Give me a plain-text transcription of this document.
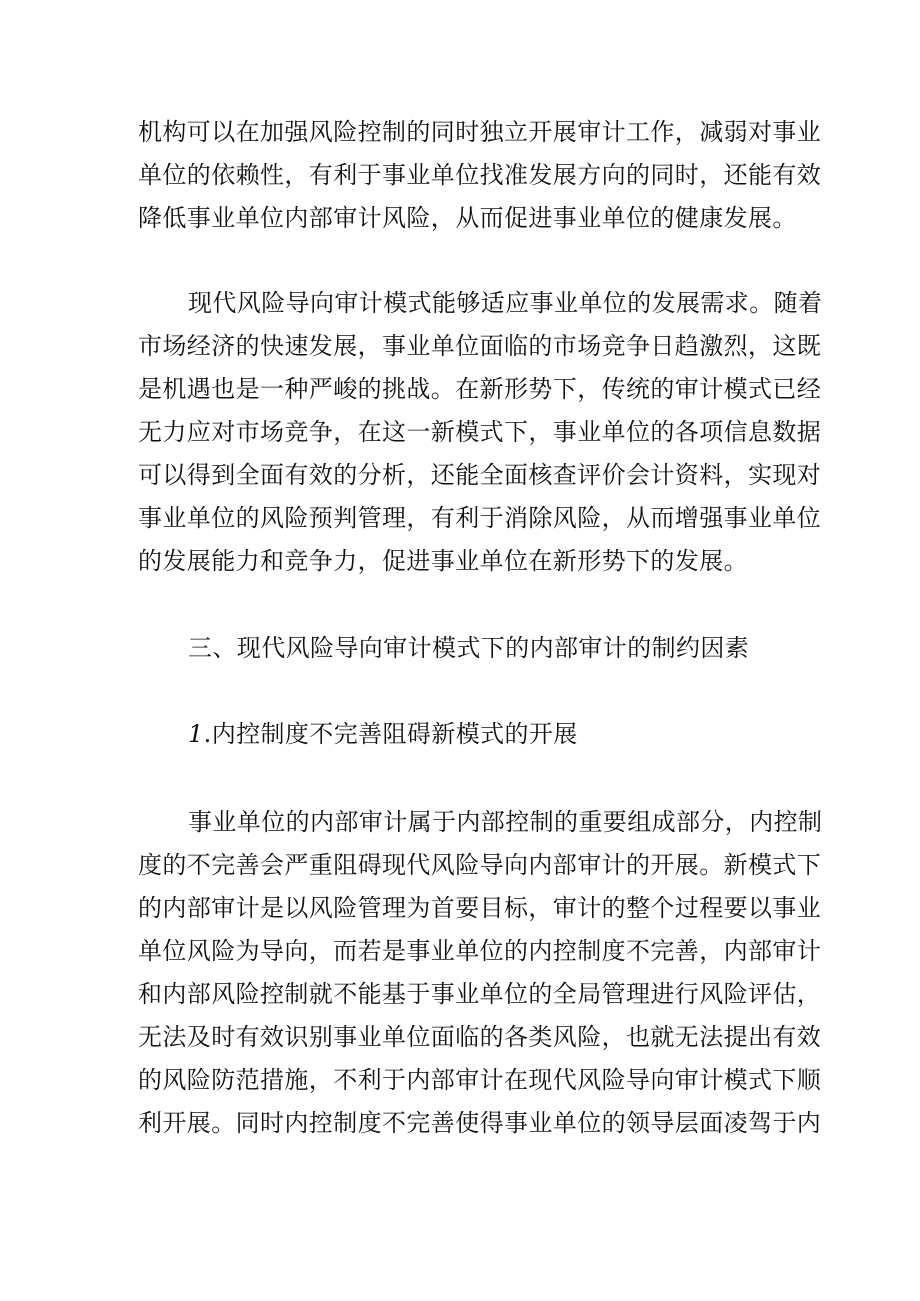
机构可以在加强风险控制的同时独立开展审计工作，减弱对事业
单位的依赖性，有利于事业单位找准发展方向的同时，还能有效
降低事业单位内部审计风险，从而促进事业单位的健康发展。

现代风险导向审计模式能够适应事业单位的发展需求。随着
市场经济的快速发展，事业单位面临的市场竞争日趋激烈，这既
是机遇也是一种严峻的挑战。在新形势下，传统的审计模式已经
无力应对市场竞争，在这一新模式下，事业单位的各项信息数据
可以得到全面有效的分析，还能全面核查评价会计资料，实现对
事业单位的风险预判管理，有利于消除风险，从而增强事业单位
的发展能力和竞争力，促进事业单位在新形势下的发展。

三、现代风险导向审计模式下的内部审计的制约因素
1.内控制度不完善阻碍新模式的开展

事业单位的内部审计属于内部控制的重要组成部分，内控制
度的不完善会严重阻碍现代风险导向内部审计的开展。新模式下
的内部审计是以风险管理为首要目标，审计的整个过程要以事业
单位风险为导向，而若是事业单位的内控制度不完善，内部审计
和内部风险控制就不能基于事业单位的全局管理进行风险评估，
无法及时有效识别事业单位面临的各类风险，也就无法提出有效
的风险防范措施，不利于内部审计在现代风险导向审计模式下顺
利开展。同时内控制度不完善使得事业单位的领导层面凌驾于内
